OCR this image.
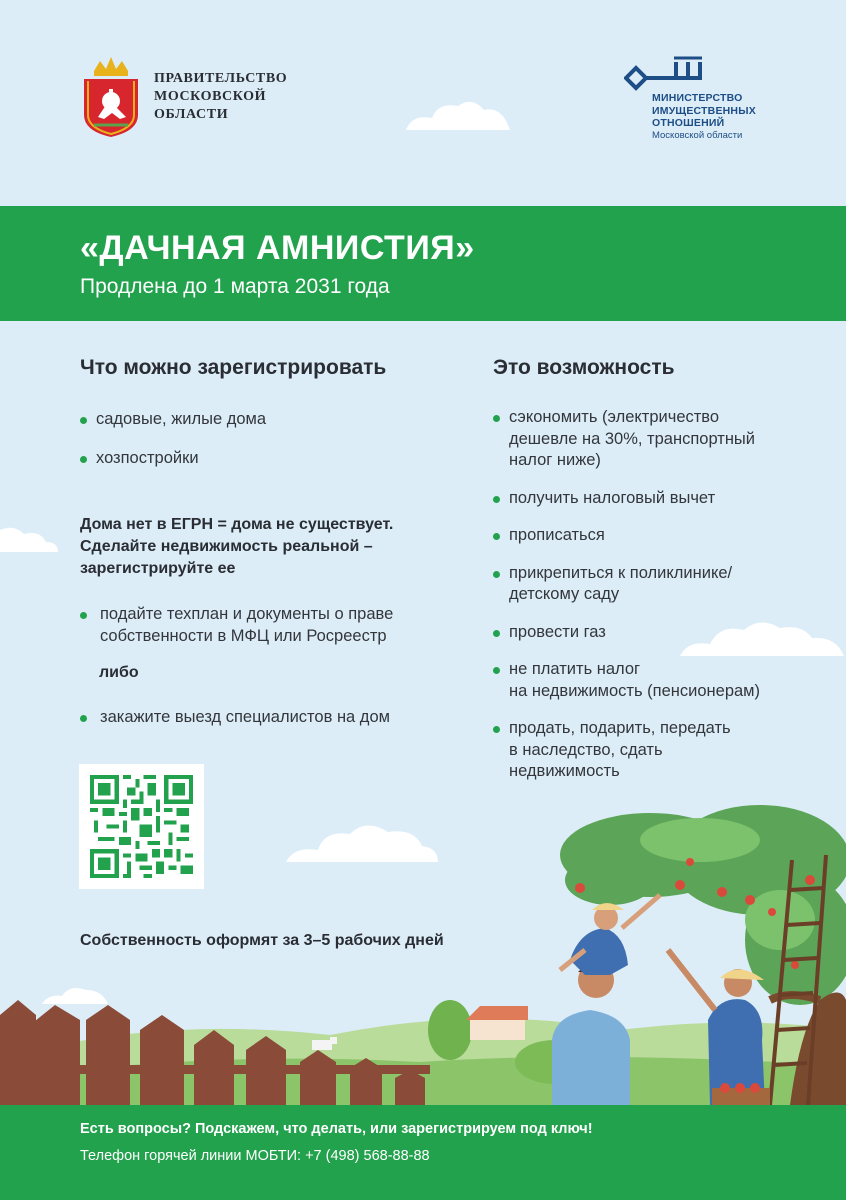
ПРАВИТЕЛЬСТВО
МОСКОВСКОЙ
ОБЛАСТИ
МИНИСТЕРСТВО
ИМУЩЕСТВЕННЫХ
ОТНОШЕНИЙ
Московской области
«ДАЧНАЯ АМНИСТИЯ»
Продлена до 1 марта 2031 года
Что можно зарегистрировать
садовые, жилые дома
хозпостройки
Дома нет в ЕГРН = дома не существует.
Сделайте недвижимость реальной –
зарегистрируйте ее
подайте техплан и документы о праве
собственности в МФЦ или Росреестр
либо
закажите выезд специалистов на дом
Собственность оформят за 3–5 рабочих дней
Это возможность
сэкономить (электричество
дешевле на 30%, транспортный
налог ниже)
получить налоговый вычет
прописаться
прикрепиться к поликлинике/
детскому саду
провести газ
не платить налог
на недвижимость (пенсионерам)
продать, подарить, передать
в наследство, сдать
недвижимость
Есть вопросы? Подскажем, что делать, или зарегистрируем под ключ!
Телефон горячей линии МОБТИ: +7 (498) 568-88-88
